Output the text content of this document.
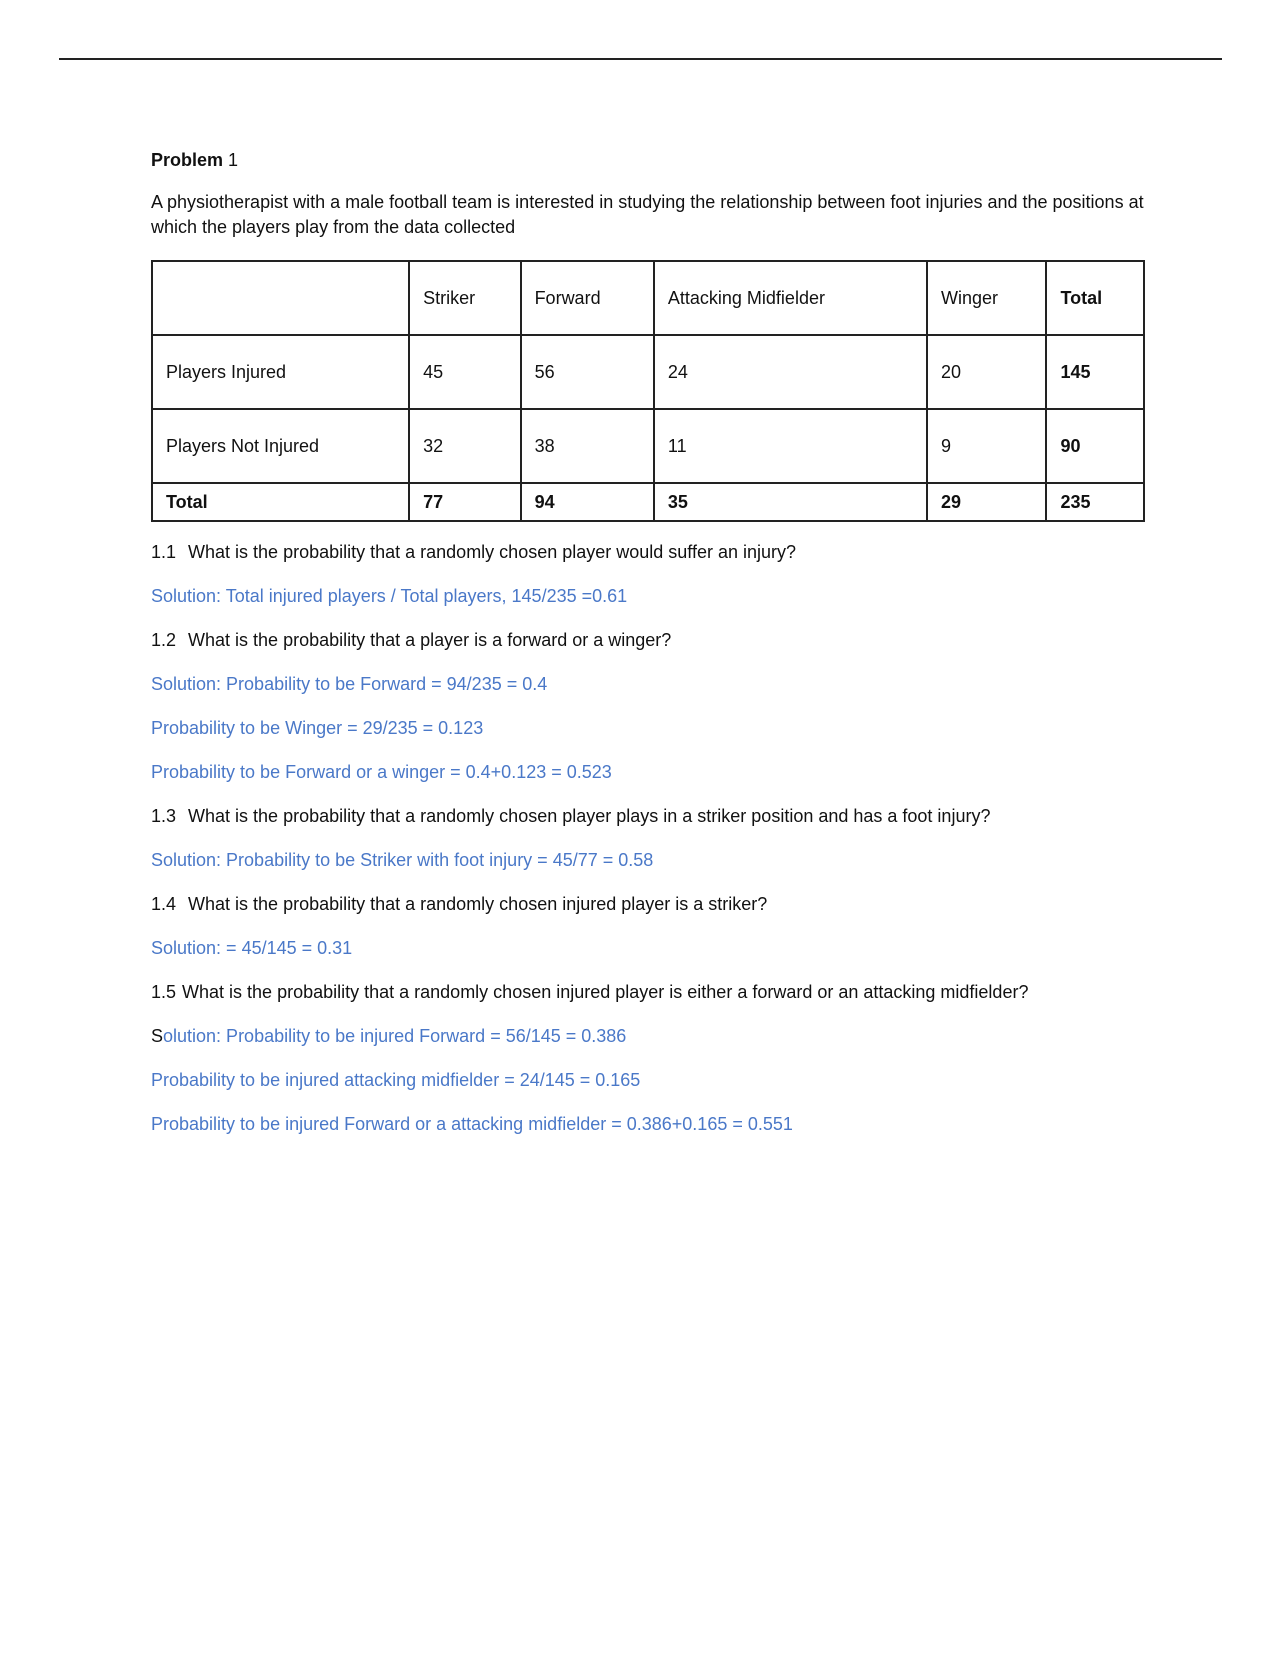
Problem 1

A physiotherapist with a male football team is interested in studying the relationship between foot injuries and the positions at which the players play from the data collected

	Striker	Forward	Attacking Midfielder	Winger	Total
Players Injured	45	56	24	20	145
Players Not Injured	32	38	11	9	90
Total	77	94	35	29	235

1.1 What is the probability that a randomly chosen player would suffer an injury?

Solution: Total injured players / Total players, 145/235 =0.61

1.2 What is the probability that a player is a forward or a winger?

Solution: Probability to be Forward = 94/235 = 0.4

Probability to be Winger = 29/235 = 0.123

Probability to be Forward or a winger = 0.4+0.123 = 0.523

1.3 What is the probability that a randomly chosen player plays in a striker position and has a foot injury?

Solution: Probability to be Striker with foot injury = 45/77 = 0.58

1.4 What is the probability that a randomly chosen injured player is a striker?

Solution: = 45/145 = 0.31

1.5 What is the probability that a randomly chosen injured player is either a forward or an attacking midfielder?

Solution: Probability to be injured Forward = 56/145 = 0.386

Probability to be injured attacking midfielder = 24/145 = 0.165

Probability to be injured Forward or a attacking midfielder = 0.386+0.165 = 0.551
